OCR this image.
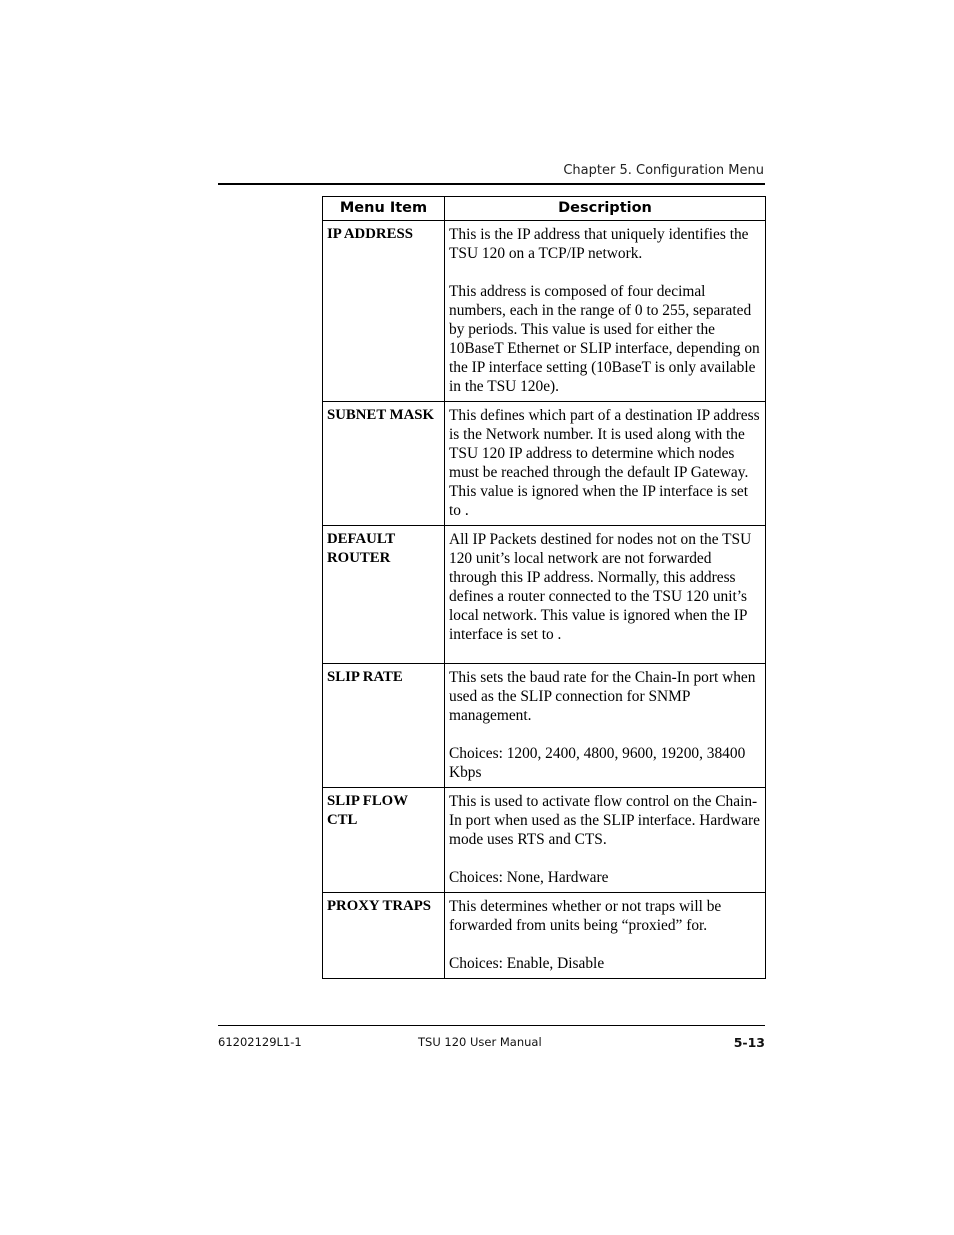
Chapter 5. Configuration Menu
Menu Item	Description
IP ADDRESS	This is the IP address that uniquely identifies the TSU 120 on a TCP/IP network.

This address is composed of four decimal numbers, each in the range of 0 to 255, separated by periods. This value is used for either the 10BaseT Ethernet or SLIP interface, depending on the IP interface setting (10BaseT is only available in the TSU 120e).

SUBNET MASK	This defines which part of a destination IP address is the Network number. It is used along with the TSU 120 IP address to determine which nodes must be reached through the default IP Gateway. This value is ignored when the IP interface is set to .

DEFAULT ROUTER	All IP Packets destined for nodes not on the TSU 120 unit’s local network are not forwarded through this IP address. Normally, this address defines a router connected to the TSU 120 unit’s local network. This value is ignored when the IP interface is set to .

SLIP RATE	This sets the baud rate for the Chain-In port when used as the SLIP connection for SNMP management.

Choices: 1200, 2400, 4800, 9600, 19200, 38400 Kbps

SLIP FLOW CTL	This is used to activate flow control on the Chain-In port when used as the SLIP interface. Hardware mode uses RTS and CTS.

Choices: None, Hardware

PROXY TRAPS	This determines whether or not traps will be forwarded from units being “proxied” for.

Choices: Enable, Disable

61202129L1-1	TSU 120 User Manual	5-13
